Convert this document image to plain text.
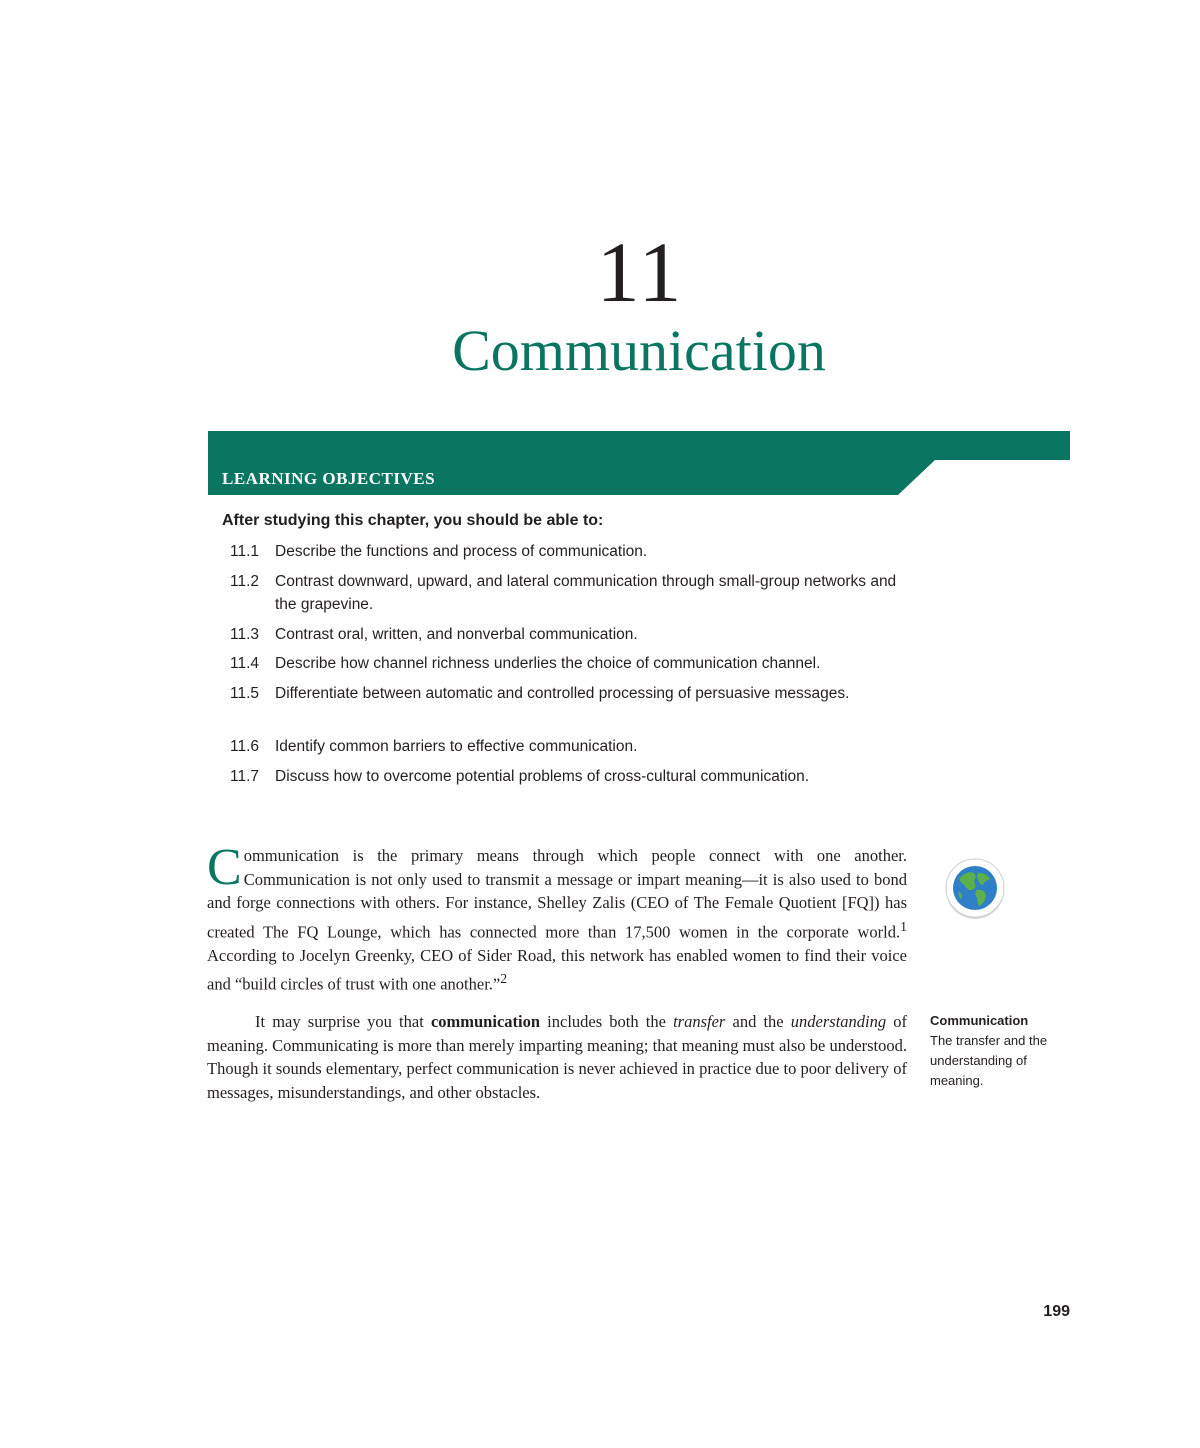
11
Communication
LEARNING OBJECTIVES
After studying this chapter, you should be able to:
11.1 Describe the functions and process of communication.
11.2 Contrast downward, upward, and lateral communication through small-group networks and the grapevine.
11.3 Contrast oral, written, and nonverbal communication.
11.4 Describe how channel richness underlies the choice of communication channel.
11.5 Differentiate between automatic and controlled processing of persuasive messages.
11.6 Identify common barriers to effective communication.
11.7 Discuss how to overcome potential problems of cross-cultural communication.
Communication is the primary means through which people connect with one another. Communication is not only used to transmit a message or impart meaning—it is also used to bond and forge connections with others. For instance, Shelley Zalis (CEO of The Female Quotient [FQ]) has created The FQ Lounge, which has connected more than 17,500 women in the corporate world.$^1$ According to Jocelyn Greenky, CEO of Sider Road, this network has enabled women to find their voice and “build circles of trust with one another.”$^2$
It may surprise you that communication includes both the transfer and the understanding of meaning. Communicating is more than merely imparting meaning; that meaning must also be understood. Though it sounds elementary, perfect communication is never achieved in practice due to poor delivery of messages, misunderstandings, and other obstacles.
Communication
The transfer and the understanding of meaning.
199
